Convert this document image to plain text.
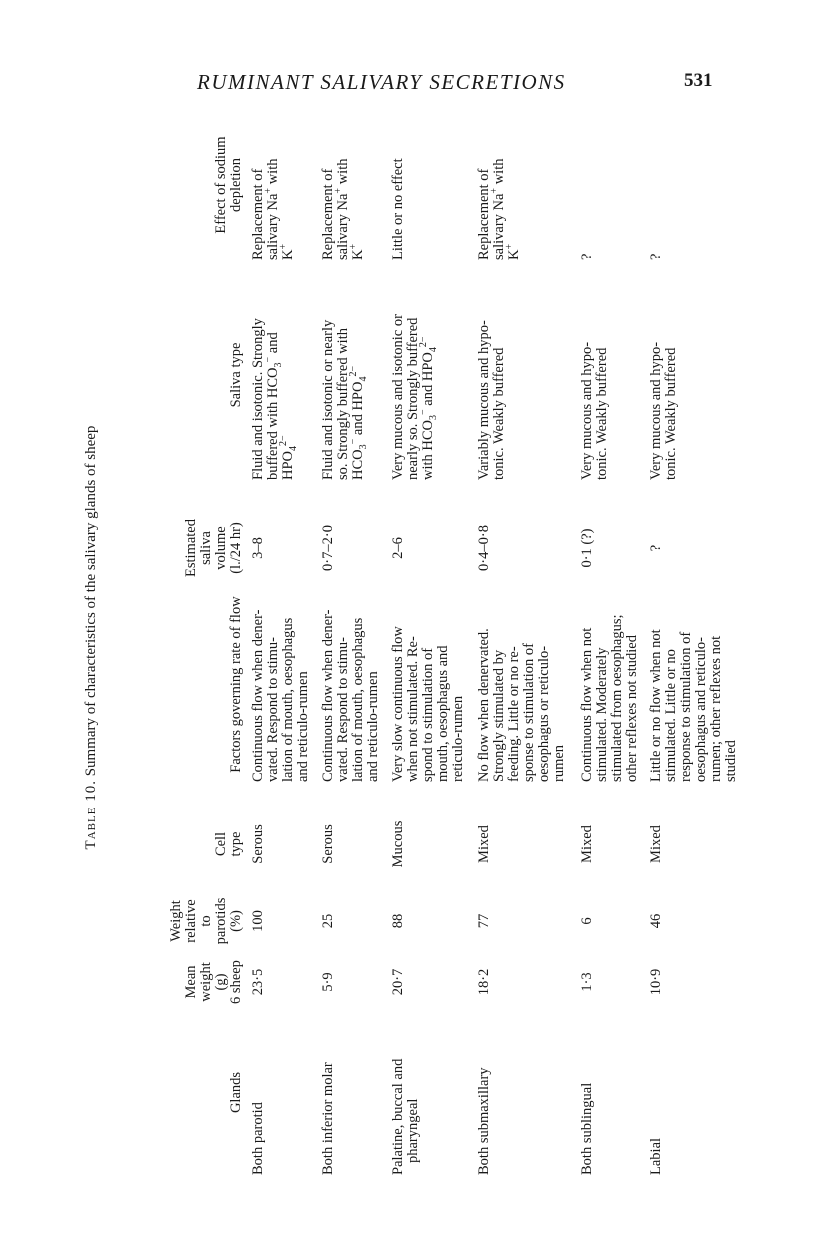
RUMINANT SALIVARY SECRETIONS	531
Table 10. Summary of characteristics of the salivary glands of sheep
Glands
Mean weight (g) 6 sheep
Weight relative to parotids (%)
Cell type
Factors governing rate of flow
Estimated saliva volume (l./24 hr)
Saliva type
Effect of sodium depletion
Both parotid
23·5
100
Serous
Continuous flow when dener- vated. Respond to stimu- lation of mouth, oesophagus and reticulo-rumen
3–8
Fluid and isotonic. Strongly buffered with $HCO_3^-$ and
$HPO_4^{2-}$
Replacement of salivary Na+ with
K+
Both inferior molar
5·9
25
Serous
Continuous flow when dener- vated. Respond to stimu- lation of mouth, oesophagus and reticulo-rumen
0·7–2·0
Fluid and isotonic or nearly so. Strongly buffered with $HCO_3^-$ and $HPO_4^{2-}$
Replacement of salivary Na+ with
K+
Palatine, buccal and pharyngeal
20·7
88
Mucous
Very slow continuous flow when not stimulated. Re- spond to stimulation of mouth, oesophagus and reticulo-rumen
2–6
Very mucous and isotonic or nearly so. Strongly buffered with $HCO_3^-$ and $HPO_4^{2-}$
Little or no effect
Both submaxillary
18·2
77
Mixed
No flow when denervated. Strongly stimulated by feeding. Little or no re- sponse to stimulation of oesophagus or reticulo- rumen
0·4–0·8
Variably mucous and hypo- tonic. Weakly buffered
Replacement of salivary Na+ with
K+
Both sublingual
1·3
6
Mixed
Continuous flow when not stimulated. Moderately stimulated from oesophagus; other reflexes not studied
0·1 (?)
Very mucous and hypo- tonic. Weakly buffered
?
Labial
10·9
46
Mixed
Little or no flow when not stimulated. Little or no response to stimulation of oesophagus and reticulo- rumen; other reflexes not studied
?
Very mucous and hypo- tonic. Weakly buffered
?
